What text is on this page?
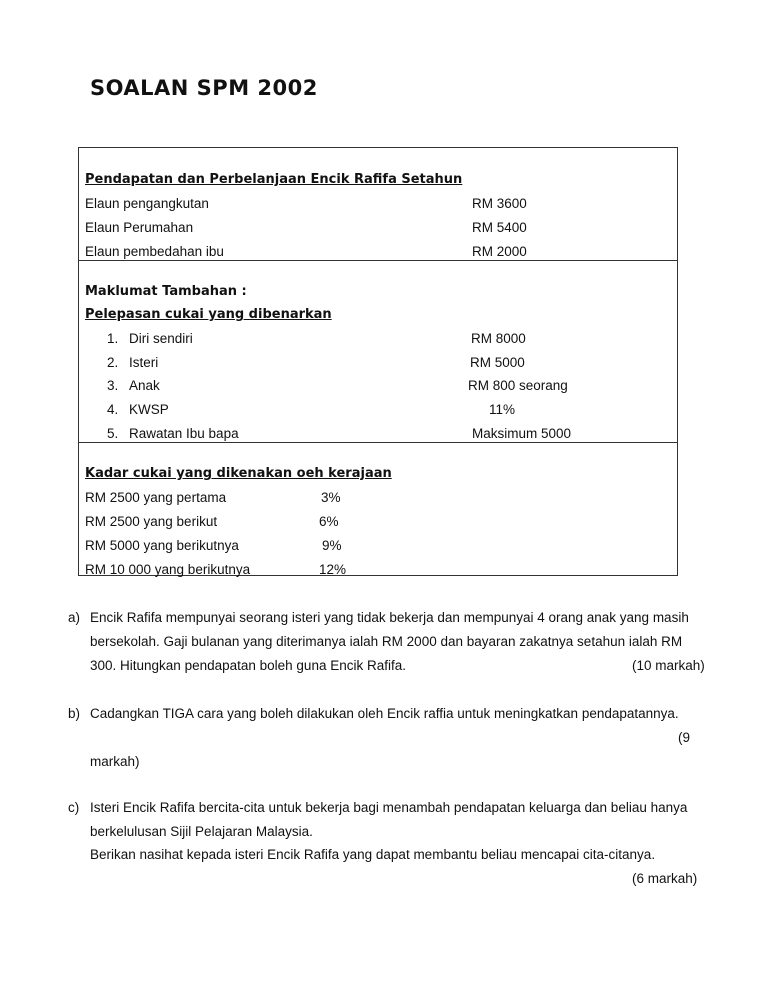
SOALAN SPM 2002
Pendapatan dan Perbelanjaan Encik Rafifa Setahun
Elaun pengangkutan	RM 3600
Elaun Perumahan	RM 5400
Elaun pembedahan ibu	RM 2000
Maklumat Tambahan :
Pelepasan cukai yang dibenarkan
1. Diri sendiri	RM 8000
2. Isteri	RM 5000
3. Anak	RM 800 seorang
4. KWSP	11%
5. Rawatan Ibu bapa	Maksimum 5000
Kadar cukai yang dikenakan oeh kerajaan
RM 2500 yang pertama	3%
RM 2500 yang berikut	6%
RM 5000 yang berikutnya	9%
RM 10 000 yang berikutnya	12%
a) Encik Rafifa mempunyai seorang isteri yang tidak bekerja dan mempunyai 4 orang anak yang masih
bersekolah. Gaji bulanan yang diterimanya ialah RM 2000 dan bayaran zakatnya setahun ialah RM
300. Hitungkan pendapatan boleh guna Encik Rafifa.	(10 markah)
b) Cadangkan TIGA cara yang boleh dilakukan oleh Encik raffia untuk meningkatkan pendapatannya.
(9
markah)
c) Isteri Encik Rafifa bercita-cita untuk bekerja bagi menambah pendapatan keluarga dan beliau hanya
berkelulusan Sijil Pelajaran Malaysia.
Berikan nasihat kepada isteri Encik Rafifa yang dapat membantu beliau mencapai cita-citanya.
(6 markah)
